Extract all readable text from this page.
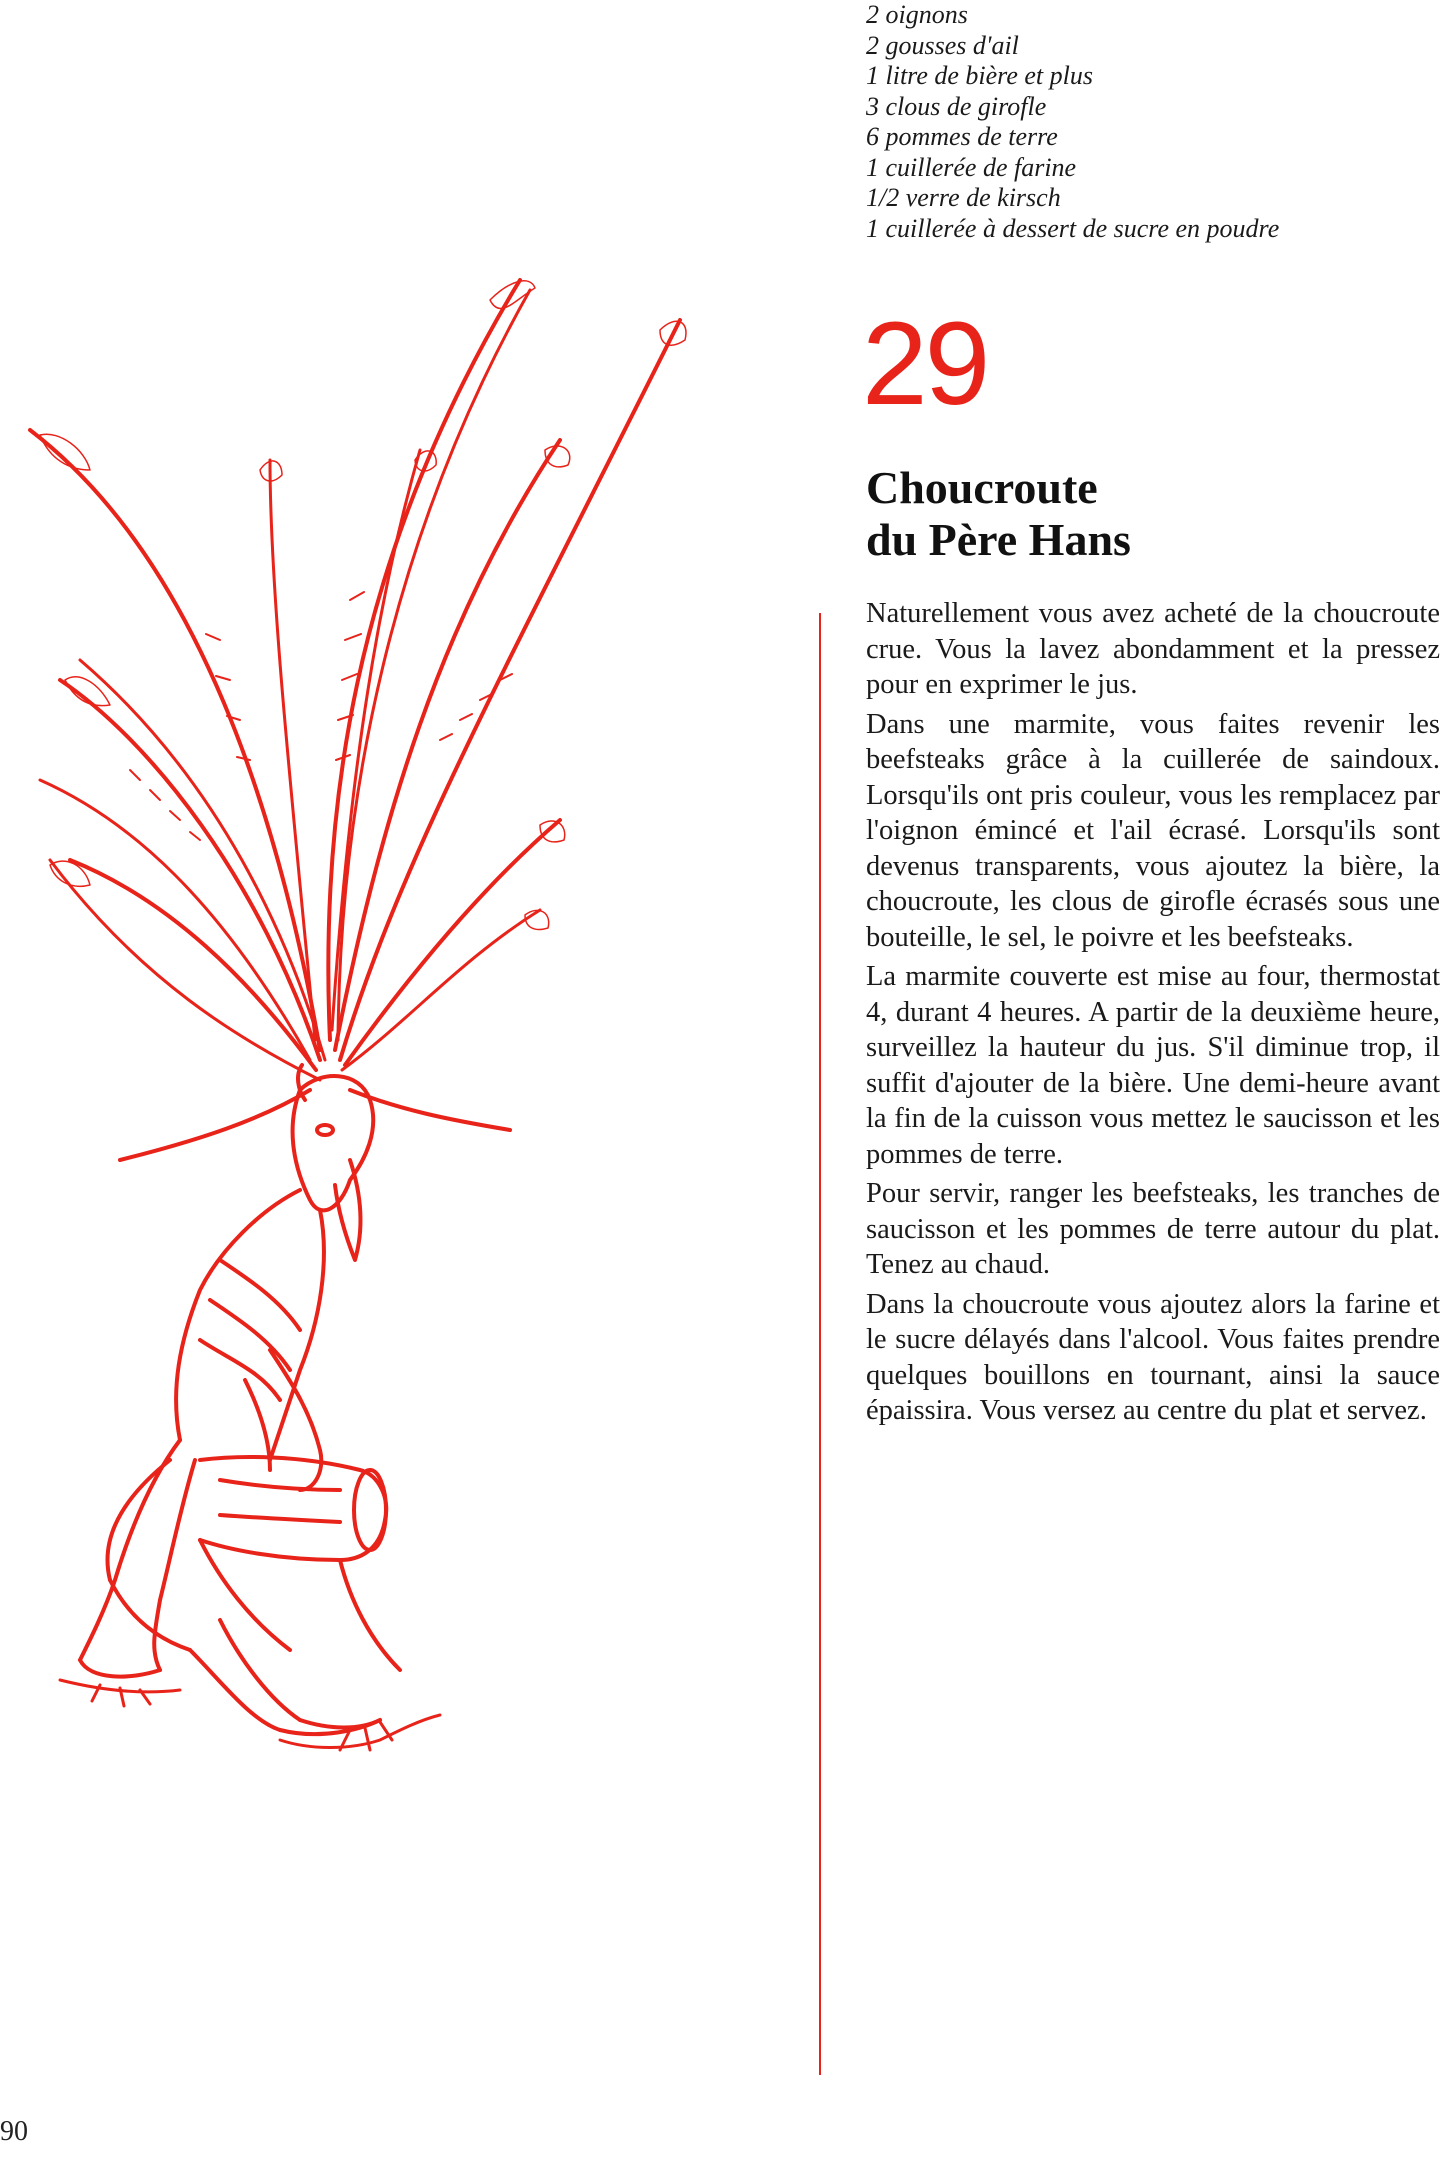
2 oignons
2 gousses d'ail
1 litre de bière et plus
3 clous de girofle
6 pommes de terre
1 cuillerée de farine
1/2 verre de kirsch
1 cuillerée à dessert de sucre en poudre
29
Choucroute
du Père Hans

Naturellement vous avez acheté de la choucroute crue. Vous la lavez abondamment et la pressez pour en exprimer le jus.

Dans une marmite, vous faites revenir les beefsteaks grâce à la cuillerée de saindoux. Lorsqu'ils ont pris couleur, vous les remplacez par l'oignon émincé et l'ail écrasé. Lorsqu'ils sont devenus transparents, vous ajoutez la bière, la choucroute, les clous de girofle écrasés sous une bouteille, le sel, le poivre et les beefsteaks.

La marmite couverte est mise au four, thermostat 4, durant 4 heures. A partir de la deuxième heure, surveillez la hauteur du jus. S'il diminue trop, il suffit d'ajouter de la bière. Une demi-heure avant la fin de la cuisson vous mettez le saucisson et les pommes de terre.

Pour servir, ranger les beefsteaks, les tranches de saucisson et les pommes de terre autour du plat. Tenez au chaud.

Dans la choucroute vous ajoutez alors la farine et le sucre délayés dans l'alcool. Vous faites prendre quelques bouillons en tournant, ainsi la sauce épaissira. Vous versez au centre du plat et servez.

90
